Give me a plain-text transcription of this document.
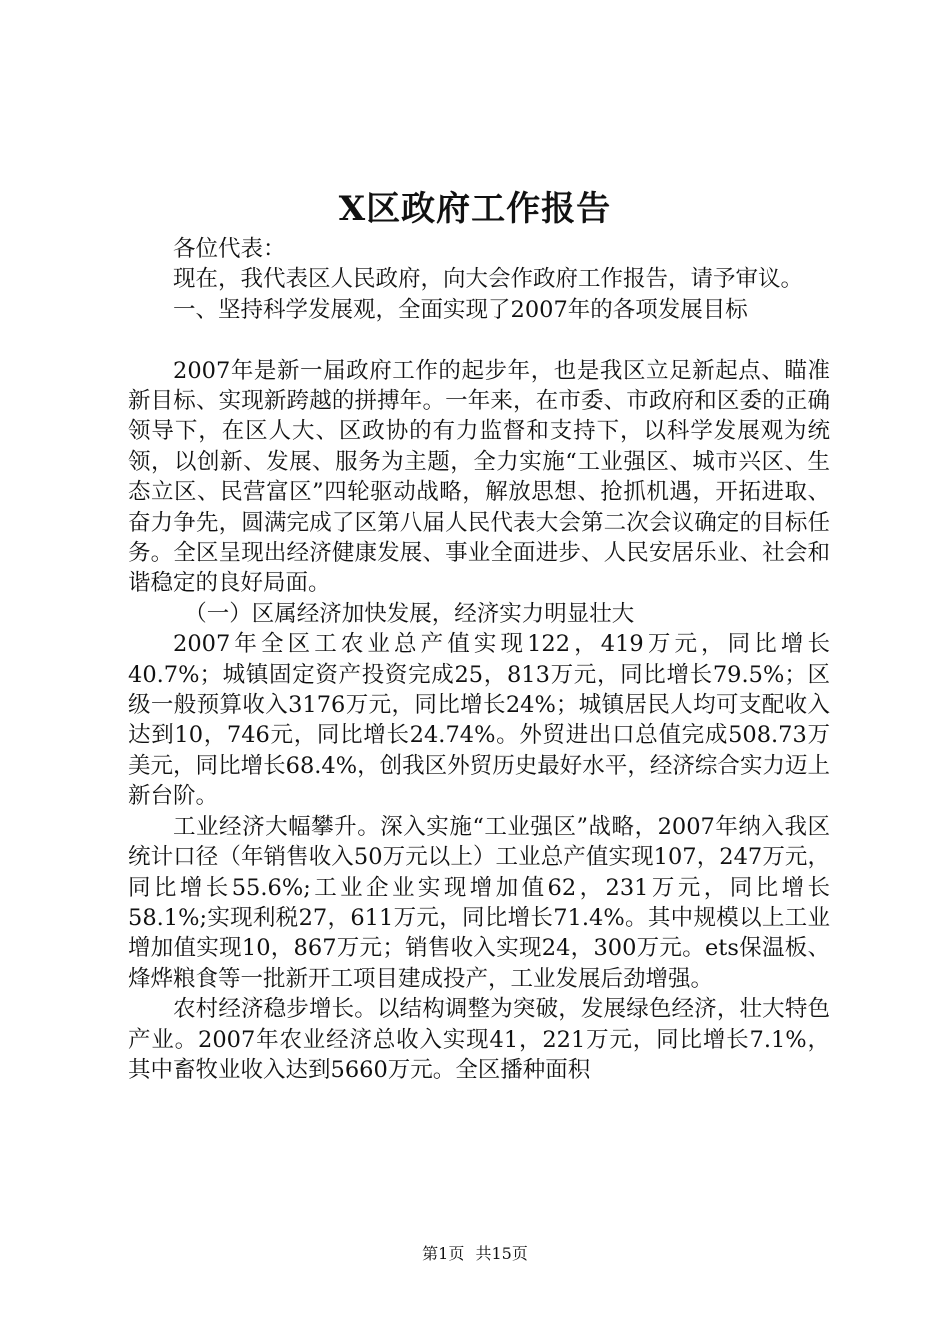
X区政府工作报告

各位代表：

现在，我代表区人民政府，向大会作政府工作报告，请予审议。

一、坚持科学发展观，全面实现了2007年的各项发展目标

2007年是新一届政府工作的起步年，也是我区立足新起点、瞄准新目标、实现新跨越的拼搏年。一年来，在市委、市政府和区委的正确领导下，在区人大、区政协的有力监督和支持下，以科学发展观为统领，以创新、发展、服务为主题，全力实施“工业强区、城市兴区、生态立区、民营富区”四轮驱动战略，解放思想、抢抓机遇，开拓进取、奋力争先，圆满完成了区第八届人民代表大会第二次会议确定的目标任务。全区呈现出经济健康发展、事业全面进步、人民安居乐业、社会和谐稳定的良好局面。

（一）区属经济加快发展，经济实力明显壮大

2007年全区工农业总产值实现122，419万元，同比增长40.7%；城镇固定资产投资完成25，813万元，同比增长79.5%；区级一般预算收入3176万元，同比增长24%；城镇居民人均可支配收入达到10，746元，同比增长24.74%。外贸进出口总值完成508.73万美元，同比增长68.4%，创我区外贸历史最好水平，经济综合实力迈上新台阶。

工业经济大幅攀升。深入实施“工业强区”战略，2007年纳入我区统计口径（年销售收入50万元以上）工业总产值实现107，247万元，同比增长55.6%;工业企业实现增加值62，231万元，同比增长58.1%;实现利税27，611万元，同比增长71.4%。其中规模以上工业增加值实现10，867万元；销售收入实现24，300万元。ets保温板、烽烨粮食等一批新开工项目建成投产，工业发展后劲增强。

农村经济稳步增长。以结构调整为突破，发展绿色经济，壮大特色产业。2007年农业经济总收入实现41，221万元，同比增长7.1%，其中畜牧业收入达到5660万元。全区播种面积

第1页 共15页
